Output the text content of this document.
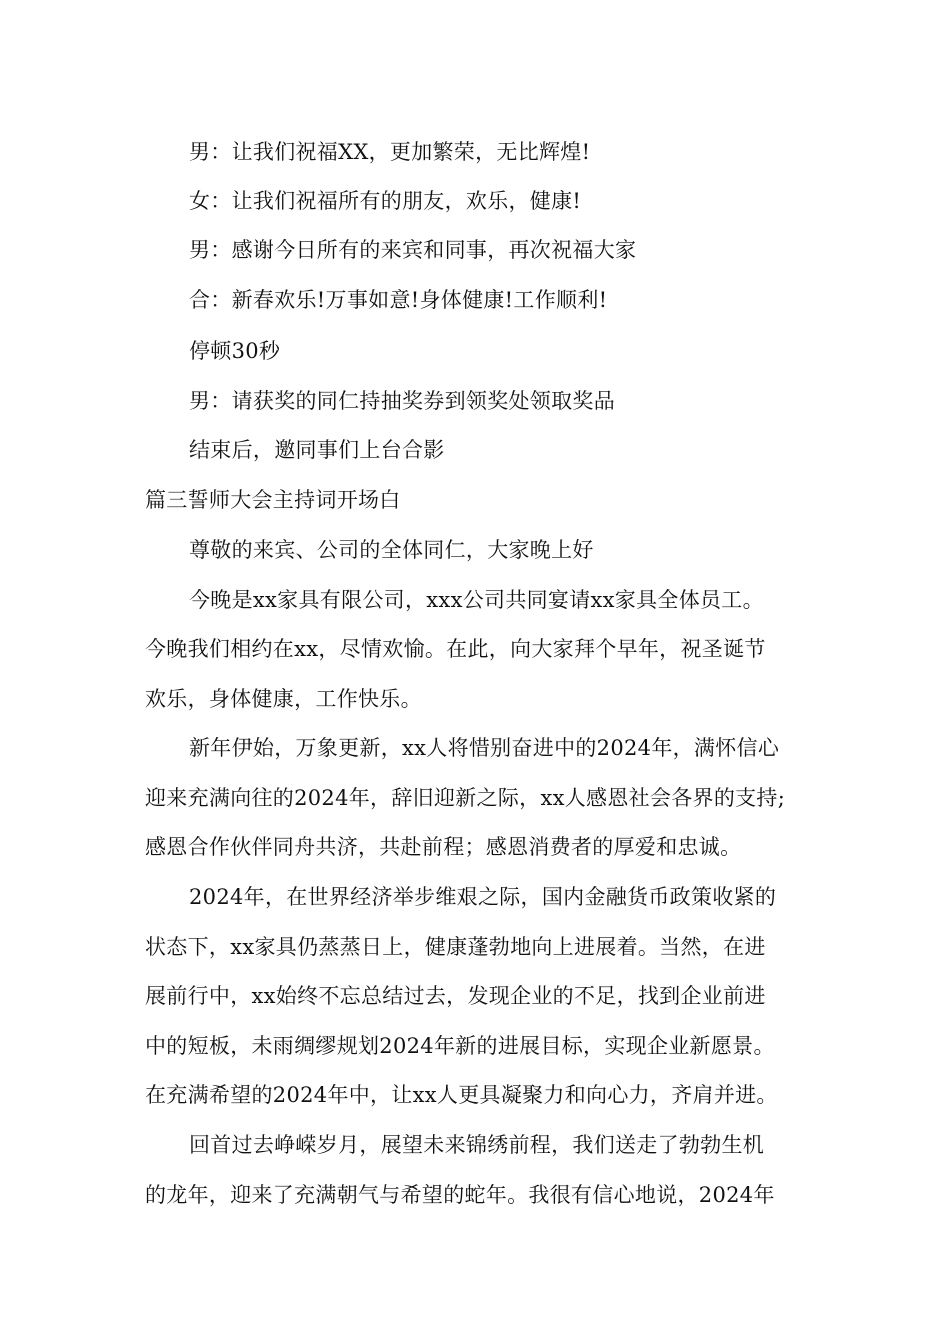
男：让我们祝福XX，更加繁荣，无比辉煌!
女：让我们祝福所有的朋友，欢乐，健康!
男：感谢今日所有的来宾和同事，再次祝福大家
合：新春欢乐!万事如意!身体健康!工作顺利!
停顿30秒
男：请获奖的同仁持抽奖券到领奖处领取奖品
结束后，邀同事们上台合影
篇三誓师大会主持词开场白
尊敬的来宾、公司的全体同仁，大家晚上好
今晚是xx家具有限公司，xxx公司共同宴请xx家具全体员工。
今晚我们相约在xx，尽情欢愉。在此，向大家拜个早年，祝圣诞节
欢乐，身体健康，工作快乐。
新年伊始，万象更新，xx人将惜别奋进中的2024年，满怀信心
迎来充满向往的2024年，辞旧迎新之际，xx人感恩社会各界的支持;
感恩合作伙伴同舟共济，共赴前程；感恩消费者的厚爱和忠诚。
2024年，在世界经济举步维艰之际，国内金融货币政策收紧的
状态下，xx家具仍蒸蒸日上，健康蓬勃地向上进展着。当然，在进
展前行中，xx始终不忘总结过去，发现企业的不足，找到企业前进
中的短板，未雨绸缪规划2024年新的进展目标，实现企业新愿景。
在充满希望的2024年中，让xx人更具凝聚力和向心力，齐肩并进。
回首过去峥嵘岁月，展望未来锦绣前程，我们送走了勃勃生机
的龙年，迎来了充满朝气与希望的蛇年。我很有信心地说，2024年
